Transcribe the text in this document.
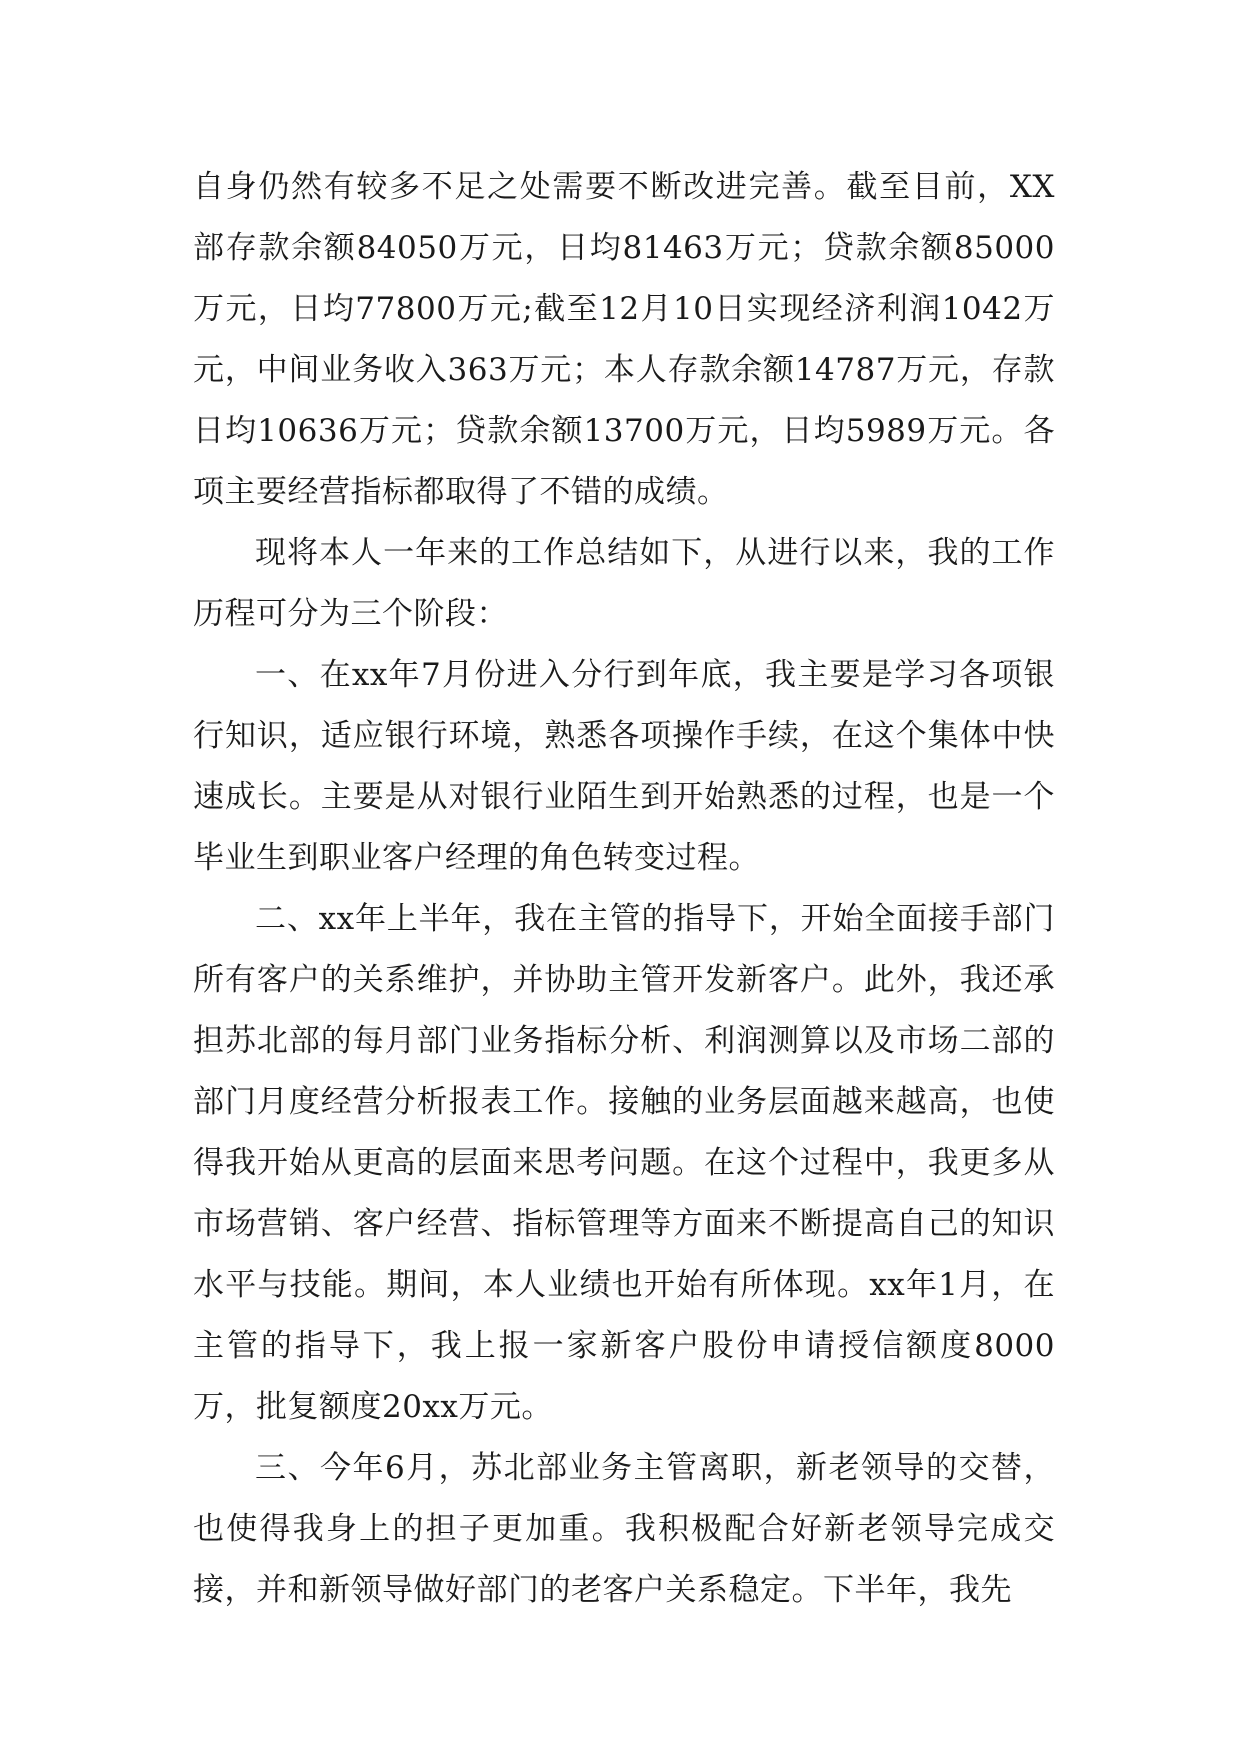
自身仍然有较多不足之处需要不断改进完善。截至目前，XX部存款余额84050万元，日均81463万元；贷款余额85000万元，日均77800万元;截至12月10日实现经济利润1042万元，中间业务收入363万元；本人存款余额14787万元，存款日均10636万元；贷款余额13700万元，日均5989万元。各项主要经营指标都取得了不错的成绩。

现将本人一年来的工作总结如下，从进行以来，我的工作历程可分为三个阶段：

一、在xx年7月份进入分行到年底，我主要是学习各项银行知识，适应银行环境，熟悉各项操作手续，在这个集体中快速成长。主要是从对银行业陌生到开始熟悉的过程，也是一个毕业生到职业客户经理的角色转变过程。

二、xx年上半年，我在主管的指导下，开始全面接手部门所有客户的关系维护，并协助主管开发新客户。此外，我还承担苏北部的每月部门业务指标分析、利润测算以及市场二部的部门月度经营分析报表工作。接触的业务层面越来越高，也使得我开始从更高的层面来思考问题。在这个过程中，我更多从市场营销、客户经营、指标管理等方面来不断提高自己的知识水平与技能。期间，本人业绩也开始有所体现。xx年1月，在主管的指导下，我上报一家新客户股份申请授信额度8000万，批复额度20xx万元。

三、今年6月，苏北部业务主管离职，新老领导的交替，也使得我身上的担子更加重。我积极配合好新老领导完成交接，并和新领导做好部门的老客户关系稳定。下半年，我先
